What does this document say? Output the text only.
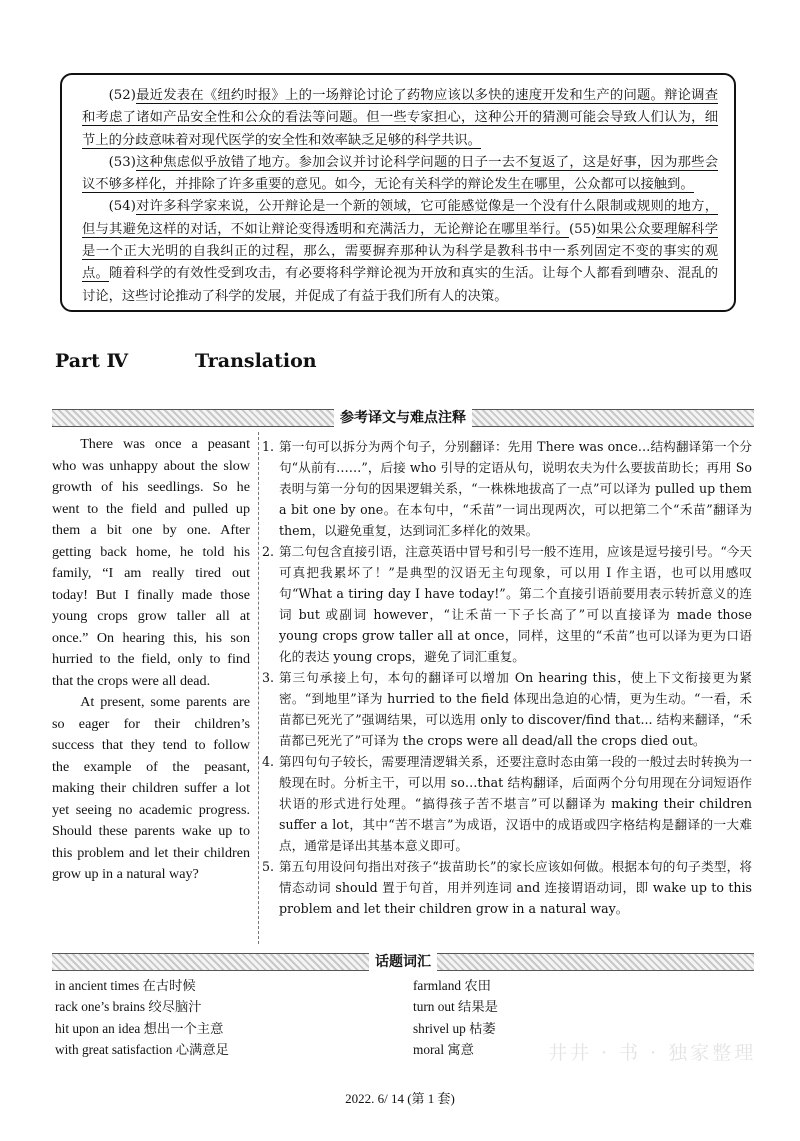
(52)最近发表在《纽约时报》上的一场辩论讨论了药物应该以多快的速度开发和生产的问题。辩论调查和考虑了诸如产品安全性和公众的看法等问题。但一些专家担心，这种公开的猜测可能会导致人们认为，细节上的分歧意味着对现代医学的安全性和效率缺乏足够的科学共识。

(53)这种焦虑似乎放错了地方。参加会议并讨论科学问题的日子一去不复返了，这是好事，因为那些会议不够多样化，并排除了许多重要的意见。如今，无论有关科学的辩论发生在哪里，公众都可以接触到。

(54)对许多科学家来说，公开辩论是一个新的领域，它可能感觉像是一个没有什么限制或规则的地方，但与其避免这样的对话，不如让辩论变得透明和充满活力，无论辩论在哪里举行。(55)如果公众要理解科学是一个正大光明的自我纠正的过程，那么，需要摒弃那种认为科学是教科书中一系列固定不变的事实的观点。随着科学的有效性受到攻击，有必要将科学辩论视为开放和真实的生活。让每个人都看到嘈杂、混乱的讨论，这些讨论推动了科学的发展，并促成了有益于我们所有人的决策。

Part Ⅳ	Translation
参考译文与难点注释

There was once a peasant who was unhappy about the slow growth of his seedlings. So he went to the field and pulled up them a bit one by one. After getting back home, he told his family, “I am really tired out today! But I finally made those young crops grow taller all at once.” On hearing this, his son hurried to the field, only to find that the crops were all dead.

At present, some parents are so eager for their children’s success that they tend to follow the example of the peasant, making their children suffer a lot yet seeing no academic progress. Should these parents wake up to this problem and let their children grow up in a natural way?

1. 第一句可以拆分为两个句子，分别翻译：先用 There was once…结构翻译第一个分句“从前有……”，后接 who 引导的定语从句，说明农夫为什么要拔苗助长；再用 So 表明与第一分句的因果逻辑关系，“一株株地拔高了一点”可以译为 pulled up them a bit one by one。在本句中，“禾苗”一词出现两次，可以把第二个“禾苗”翻译为 them，以避免重复，达到词汇多样化的效果。
2. 第二句包含直接引语，注意英语中冒号和引号一般不连用，应该是逗号接引号。“今天可真把我累坏了！”是典型的汉语无主句现象，可以用 I 作主语，也可以用感叹句“What a tiring day I have today!”。第二个直接引语前要用表示转折意义的连词 but 或副词 however，“让禾苗一下子长高了”可以直接译为 made those young crops grow taller all at once，同样，这里的“禾苗”也可以译为更为口语化的表达 young crops，避免了词汇重复。
3. 第三句承接上句，本句的翻译可以增加 On hearing this，使上下文衔接更为紧密。“到地里”译为 hurried to the field 体现出急迫的心情，更为生动。“一看，禾苗都已死光了”强调结果，可以选用 only to discover/find that... 结构来翻译，“禾苗都已死光了”可译为 the crops were all dead/all the crops died out。
4. 第四句句子较长，需要理清逻辑关系，还要注意时态由第一段的一般过去时转换为一般现在时。分析主干，可以用 so…that 结构翻译，后面两个分句用现在分词短语作状语的形式进行处理。“搞得孩子苦不堪言”可以翻译为 making their children suffer a lot，其中“苦不堪言”为成语，汉语中的成语或四字格结构是翻译的一大难点，通常是译出其基本意义即可。
5. 第五句用设问句指出对孩子“拔苗助长”的家长应该如何做。根据本句的句子类型，将情态动词 should 置于句首，用并列连词 and 连接谓语动词，即 wake up to this problem and let their children grow in a natural way。
话题词汇
in ancient times 在古时候
rack one’s brains 绞尽脑汁
hit upon an idea 想出一个主意
with great satisfaction 心满意足
farmland 农田
turn out 结果是
shrivel up 枯萎
moral 寓意	井井 · 书 · 独家整理
2022. 6/ 14 (第 1 套)
